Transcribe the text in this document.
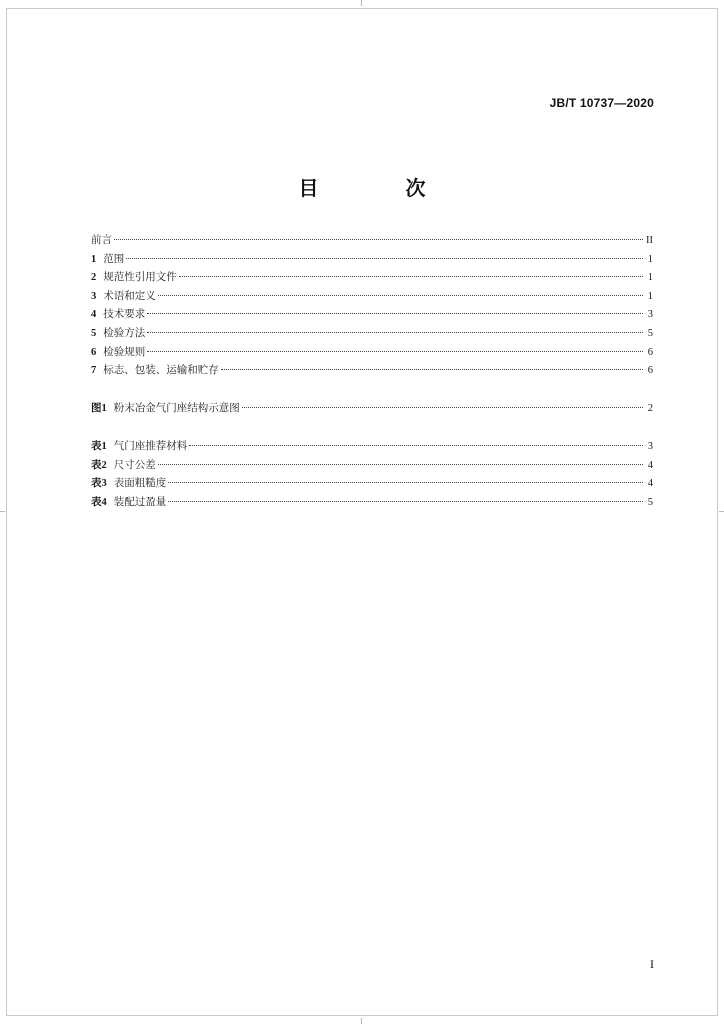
JB/T 10737—2020
目 次
前言	II
1 范围	1
2 规范性引用文件	1
3 术语和定义	1
4 技术要求	3
5 检验方法	5
6 检验规则	6
7 标志、包装、运输和贮存	6
图1 粉末冶金气门座结构示意图	2
表1 气门座推荐材料	3
表2 尺寸公差	4
表3 表面粗糙度	4
表4 装配过盈量	5
I
